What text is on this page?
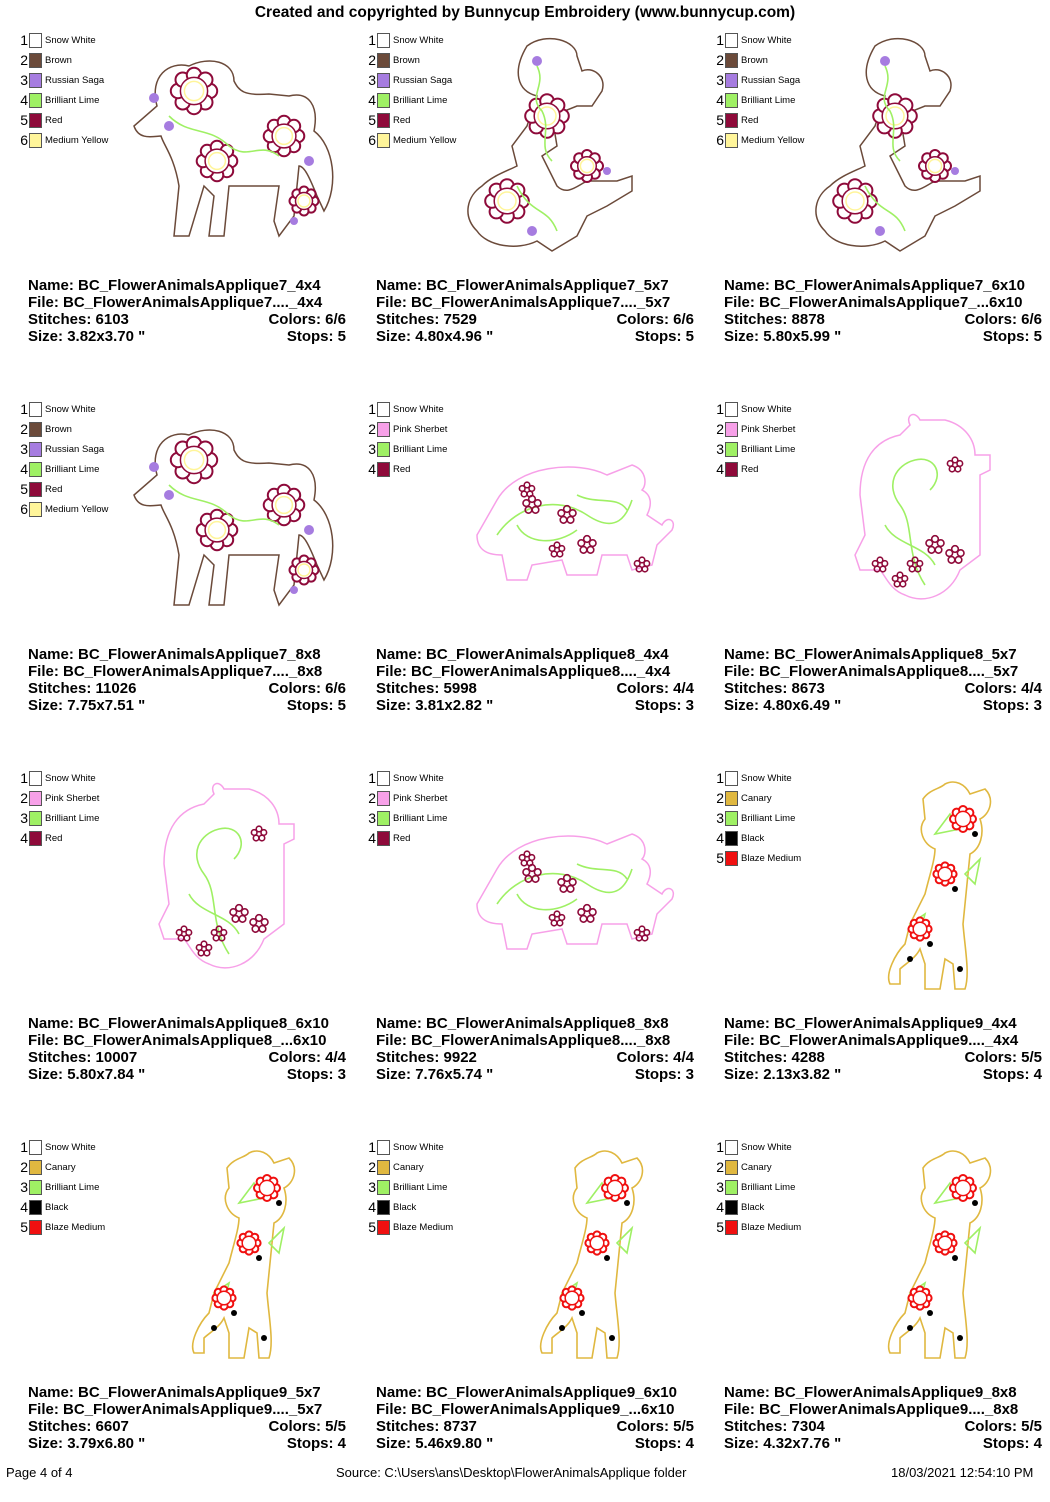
Created and copyrighted by Bunnycup Embroidery (www.bunnycup.com)
1 Snow White
2 Brown
3 Russian Saga
4 Brilliant Lime
5 Red
6 Medium Yellow
Name: BC_FlowerAnimalsApplique7_4x4
File: BC_FlowerAnimalsApplique7...._4x4
Stitches: 6103	Colors: 6/6
Size: 3.82x3.70 "	Stops: 5
1 Snow White
2 Brown
3 Russian Saga
4 Brilliant Lime
5 Red
6 Medium Yellow
Name: BC_FlowerAnimalsApplique7_5x7
File: BC_FlowerAnimalsApplique7...._5x7
Stitches: 7529	Colors: 6/6
Size: 4.80x4.96 "	Stops: 5
1 Snow White
2 Brown
3 Russian Saga
4 Brilliant Lime
5 Red
6 Medium Yellow
Name: BC_FlowerAnimalsApplique7_6x10
File: BC_FlowerAnimalsApplique7_...6x10
Stitches: 8878	Colors: 6/6
Size: 5.80x5.99 "	Stops: 5
1 Snow White
2 Brown
3 Russian Saga
4 Brilliant Lime
5 Red
6 Medium Yellow
Name: BC_FlowerAnimalsApplique7_8x8
File: BC_FlowerAnimalsApplique7...._8x8
Stitches: 11026	Colors: 6/6
Size: 7.75x7.51 "	Stops: 5
1 Snow White
2 Pink Sherbet
3 Brilliant Lime
4 Red
Name: BC_FlowerAnimalsApplique8_4x4
File: BC_FlowerAnimalsApplique8...._4x4
Stitches: 5998	Colors: 4/4
Size: 3.81x2.82 "	Stops: 3
1 Snow White
2 Pink Sherbet
3 Brilliant Lime
4 Red
Name: BC_FlowerAnimalsApplique8_5x7
File: BC_FlowerAnimalsApplique8...._5x7
Stitches: 8673	Colors: 4/4
Size: 4.80x6.49 "	Stops: 3
1 Snow White
2 Pink Sherbet
3 Brilliant Lime
4 Red
Name: BC_FlowerAnimalsApplique8_6x10
File: BC_FlowerAnimalsApplique8_...6x10
Stitches: 10007	Colors: 4/4
Size: 5.80x7.84 "	Stops: 3
1 Snow White
2 Pink Sherbet
3 Brilliant Lime
4 Red
Name: BC_FlowerAnimalsApplique8_8x8
File: BC_FlowerAnimalsApplique8...._8x8
Stitches: 9922	Colors: 4/4
Size: 7.76x5.74 "	Stops: 3
1 Snow White
2 Canary
3 Brilliant Lime
4 Black
5 Blaze Medium
Name: BC_FlowerAnimalsApplique9_4x4
File: BC_FlowerAnimalsApplique9...._4x4
Stitches: 4288	Colors: 5/5
Size: 2.13x3.82 "	Stops: 4
1 Snow White
2 Canary
3 Brilliant Lime
4 Black
5 Blaze Medium
Name: BC_FlowerAnimalsApplique9_5x7
File: BC_FlowerAnimalsApplique9...._5x7
Stitches: 6607	Colors: 5/5
Size: 3.79x6.80 "	Stops: 4
1 Snow White
2 Canary
3 Brilliant Lime
4 Black
5 Blaze Medium
Name: BC_FlowerAnimalsApplique9_6x10
File: BC_FlowerAnimalsApplique9_...6x10
Stitches: 8737	Colors: 5/5
Size: 5.46x9.80 "	Stops: 4
1 Snow White
2 Canary
3 Brilliant Lime
4 Black
5 Blaze Medium
Name: BC_FlowerAnimalsApplique9_8x8
File: BC_FlowerAnimalsApplique9...._8x8
Stitches: 7304	Colors: 5/5
Size: 4.32x7.76 "	Stops: 4
Page 4 of 4	Source: C:\Users\ans\Desktop\FlowerAnimalsApplique folder	18/03/2021 12:54:10 PM
